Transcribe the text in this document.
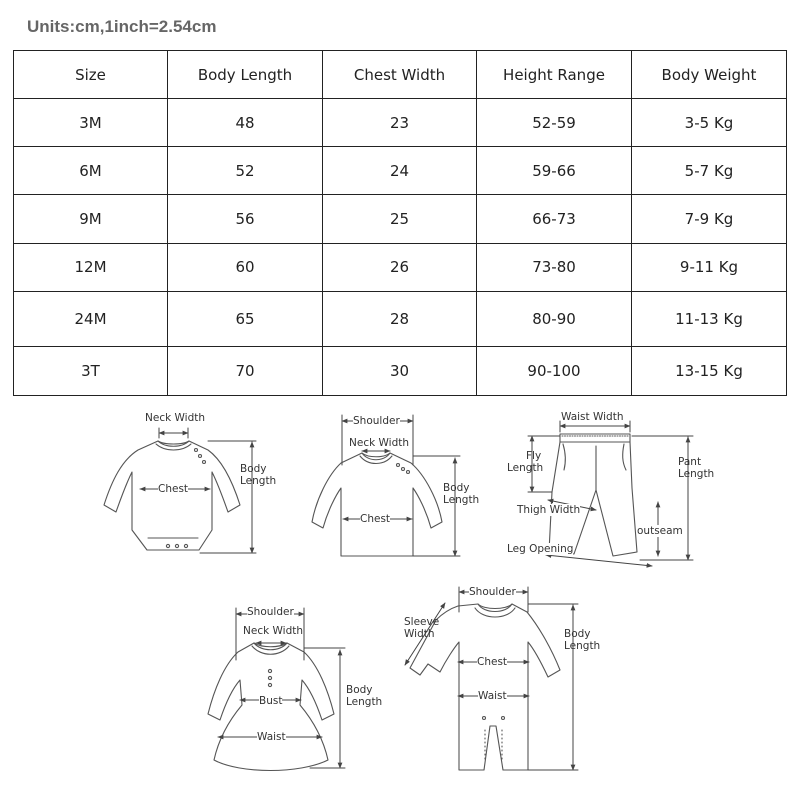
Units:cm,1inch=2.54cm
Size	Body Length	Chest Width	Height Range	Body Weight
3M	48	23	52-59	3-5 Kg
6M	52	24	59-66	5-7 Kg
9M	56	25	66-73	7-9 Kg
12M	60	26	73-80	9-11 Kg
24M	65	28	80-90	11-13 Kg
3T	70	30	90-100	13-15 Kg
Neck Width
Chest
Body
Length
Shoulder
Neck Width
Chest
Body
Length
Waist Width
Fly
Length	Pant
Length
Thigh Width
outseam
Leg Opening
Shoulder
Neck Width
Bust
Waist
Body
Length
Shoulder
Sleeve
Width
Chest
Waist
Body
Length
